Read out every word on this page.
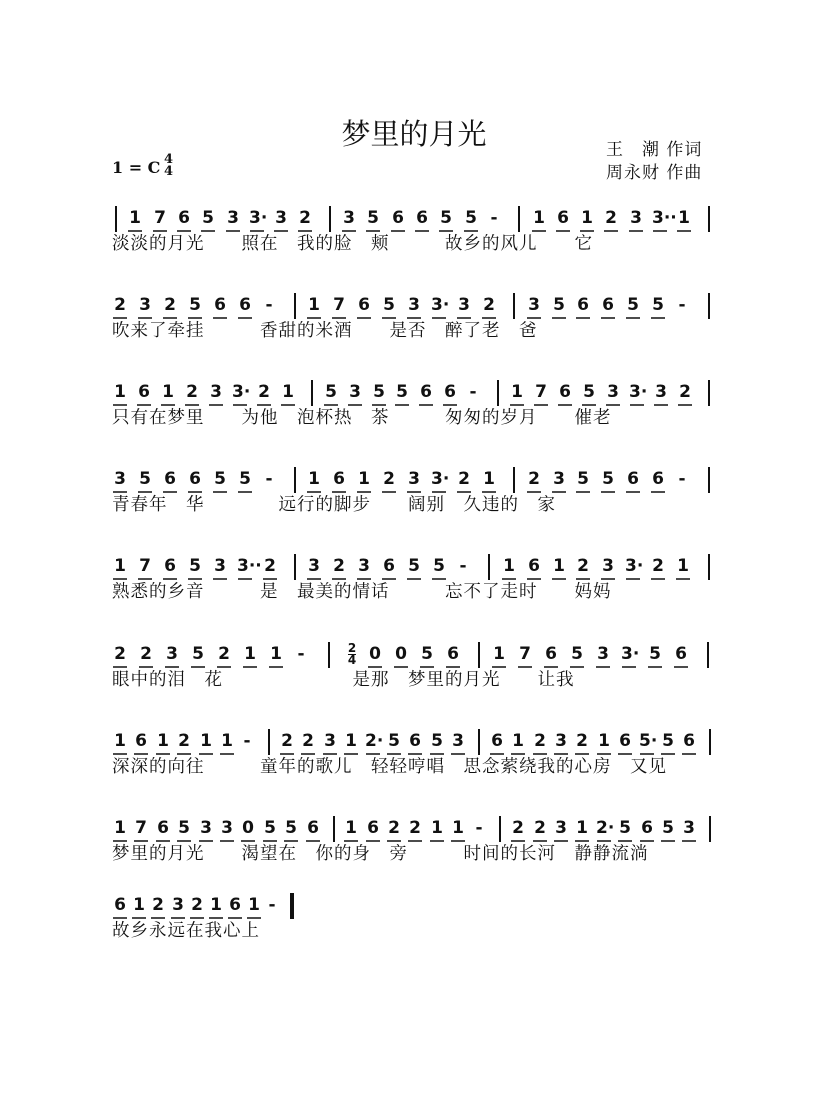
梦里的月光	王　潮 作词
周永财 作曲
1 = C 4
4
1 7 6 5 3 3· 3 2 3 5 6 6 5 5 - 1 6 1 2 3 3·· 1
淡淡的月光　　照在　我的脸　颊　　　故乡的风儿　　它
2 3 2 5 6 6 - 1 7 6 5 3 3· 3 2 3 5 6 6 5 5 -
吹来了牵挂　　　香甜的米酒　　是否　醉了老　爸
1 6 1 2 3 3· 2 1 5 3 5 5 6 6 - 1 7 6 5 3 3· 3 2
只有在梦里　　为他　泡杯热　茶　　　匆匆的岁月　　催老
3 5 6 6 5 5 - 1 6 1 2 3 3· 2 1 2 3 5 5 6 6 -
青春年　华　　　　远行的脚步　　阔别　久违的　家
1 7 6 5 3 3·· 2 3 2 3 6 5 5 - 1 6 1 2 3 3· 2 1
熟悉的乡音　　　是　最美的情话　　　忘不了走时　　妈妈
2 2 3 5 2 1 1 -	2
4 0 0 5 6 1 7 6 5 3 3· 5 6
眼中的泪　花　　　　　　　是那　梦里的月光　　让我
1 6 1 2 1 1 - 2 2 3 1 2· 5 6 5 3 6 1 2 3 2 1 6 5· 5 6
深深的向往　　　童年的歌儿　轻轻哼唱　思念萦绕我的心房　又见
1 7 6 5 3 3 0 5 5 6 1 6 2 2 1 1 - 2 2 3 1 2· 5 6 5 3
梦里的月光　　渴望在　你的身　旁　　　时间的长河　静静流淌
6 1 2 3 2 1 6 1 -
故乡永远在我心上
